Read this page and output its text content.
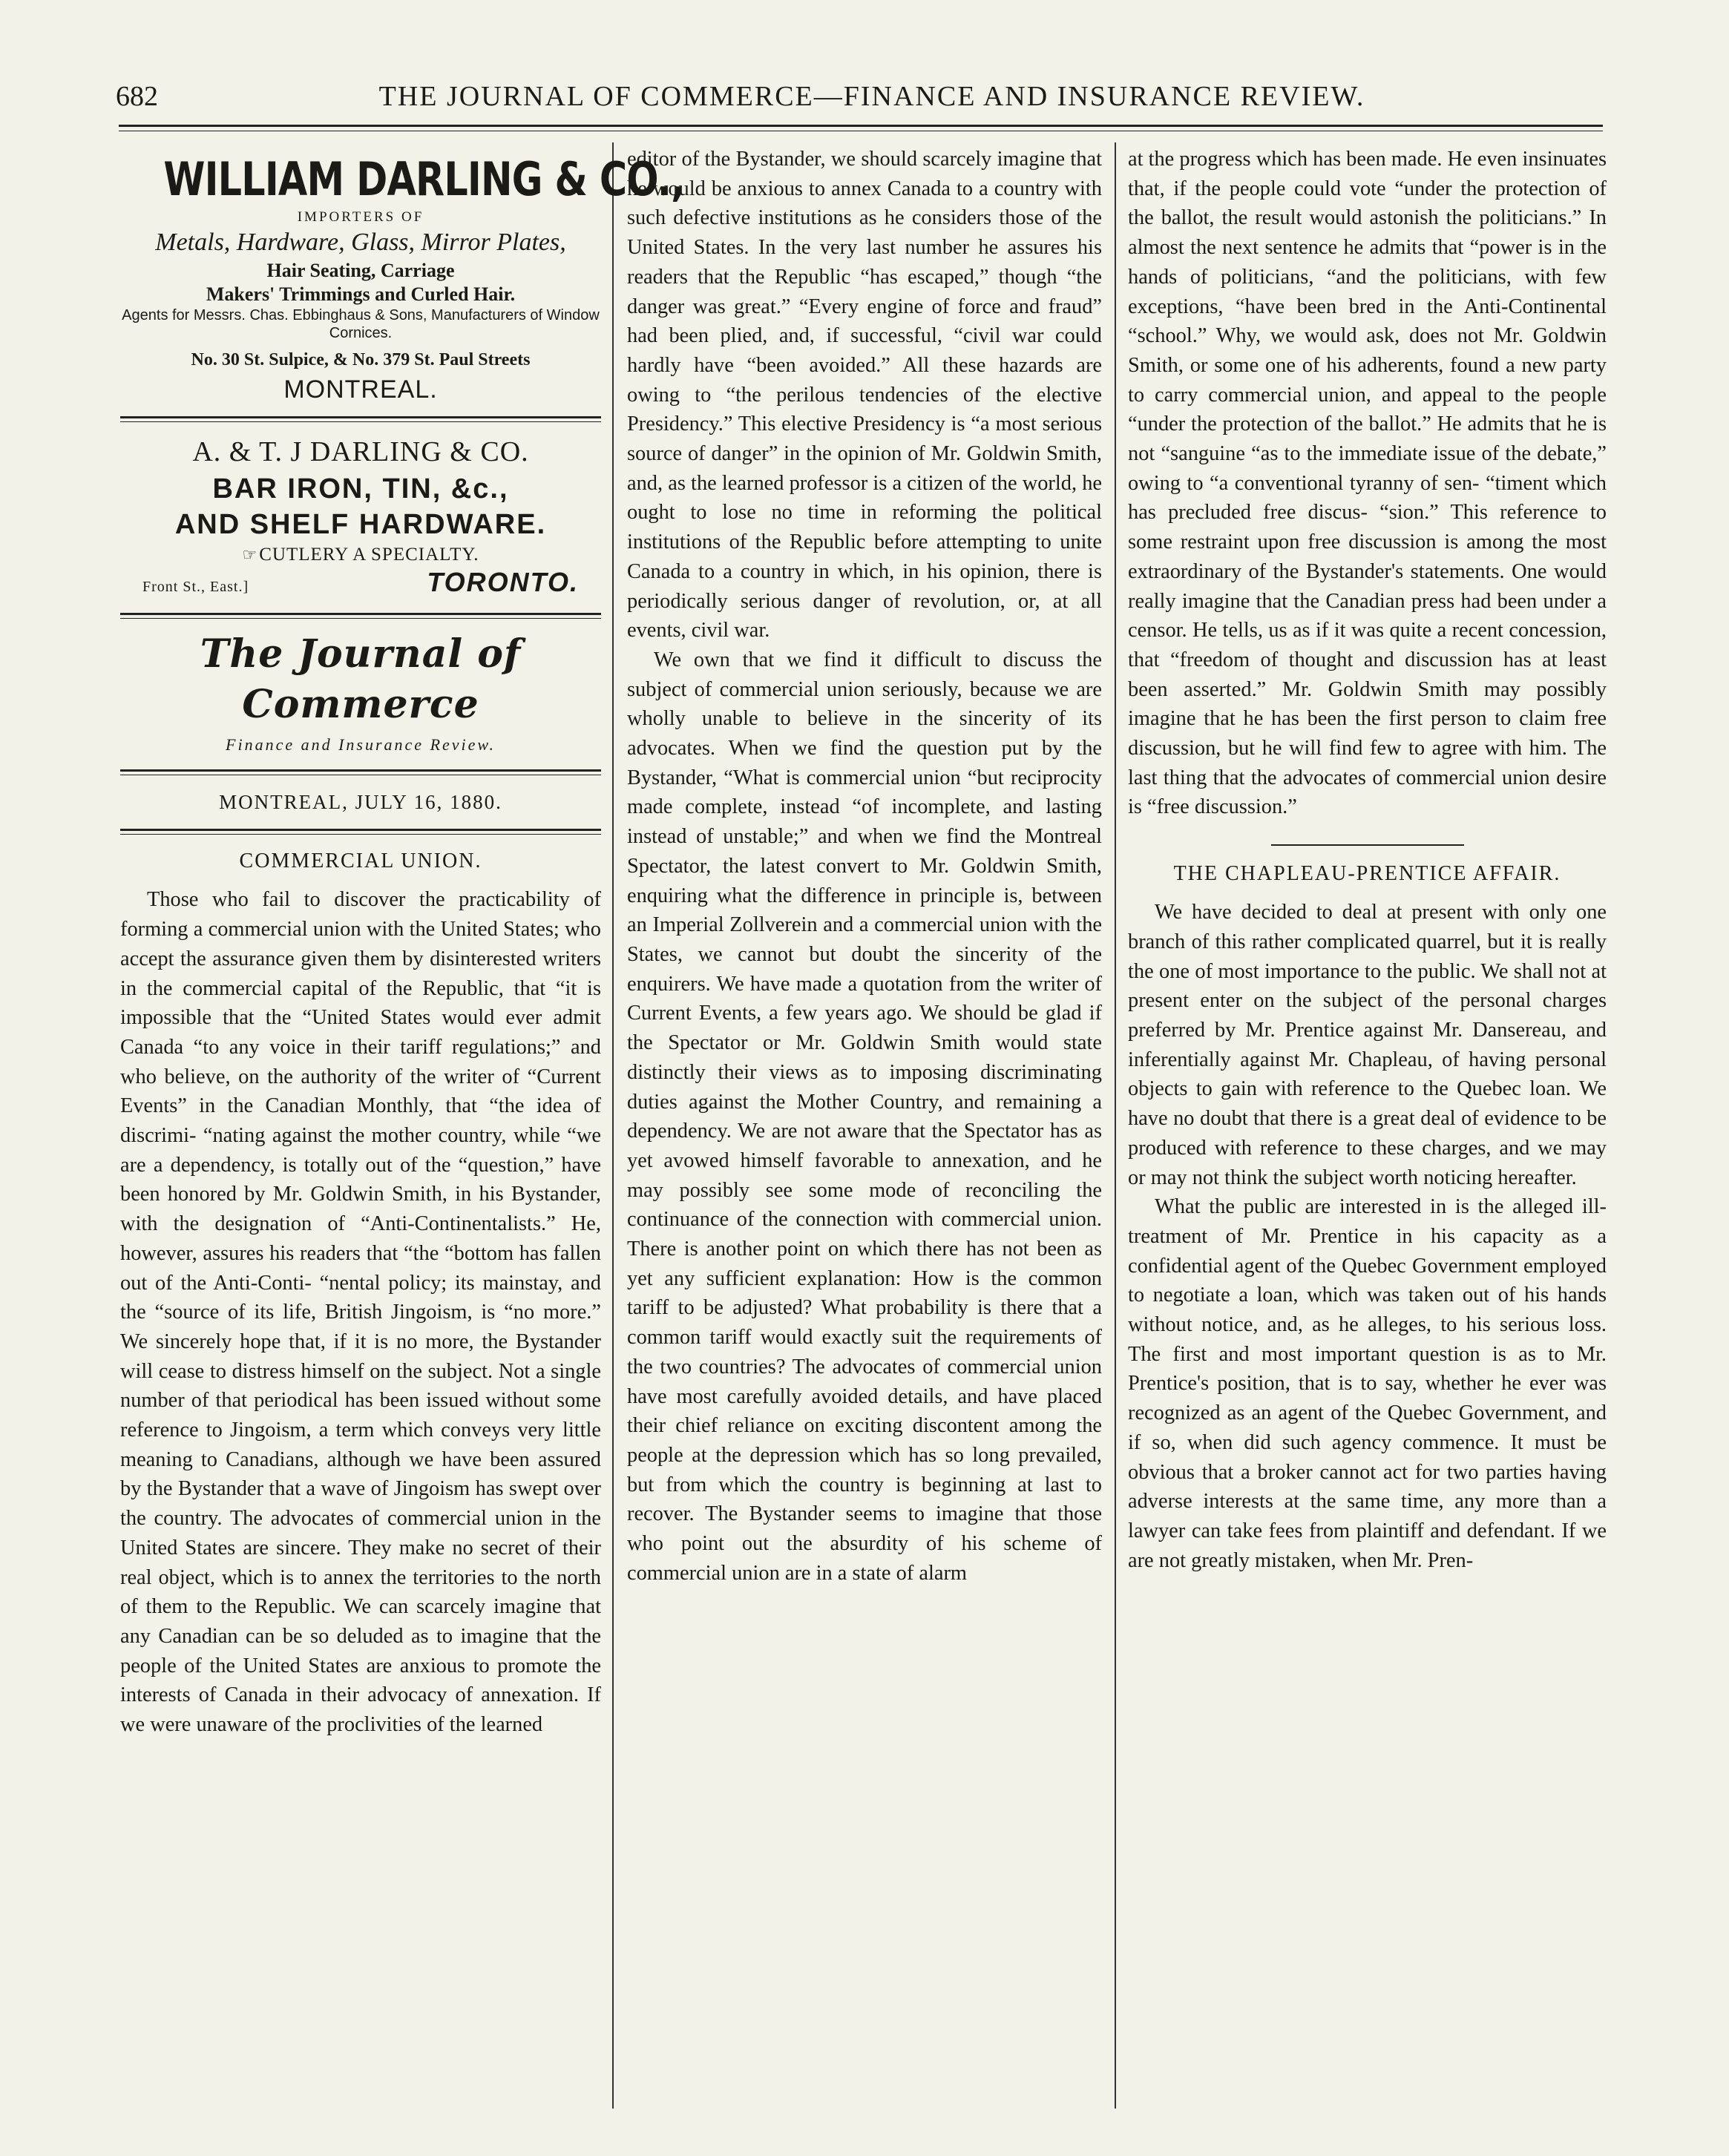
682	THE JOURNAL OF COMMERCE—FINANCE AND INSURANCE REVIEW.
WILLIAM DARLING & CO.,
IMPORTERS OF
Metals, Hardware, Glass, Mirror Plates,
Hair Seating, Carriage
Makers' Trimmings and Curled Hair.
Agents for Messrs. Chas. Ebbinghaus & Sons, Manufacturers of Window Cornices.
No. 30 St. Sulpice, & No. 379 St. Paul Streets
MONTREAL.
A. & T. J DARLING & CO.
BAR IRON, TIN, &c.,
AND SHELF HARDWARE.
☞CUTLERY A SPECIALTY.
Front St., East.]	TORONTO.
The Journal of Commerce
Finance and Insurance Review.
MONTREAL, JULY 16, 1880.
COMMERCIAL UNION.

Those who fail to discover the practicability of forming a commercial union with the United States; who accept the assurance given them by disinterested writers in the commercial capital of the Republic, that “it is impossible that the “United States would ever admit Canada “to any voice in their tariff regulations;” and who believe, on the authority of the writer of “Current Events” in the Canadian Monthly, that “the idea of discrimi- “nating against the mother country, while “we are a dependency, is totally out of the “question,” have been honored by Mr. Goldwin Smith, in his Bystander, with the designation of “Anti-Continentalists.” He, however, assures his readers that “the “bottom has fallen out of the Anti-Conti- “nental policy; its mainstay, and the “source of its life, British Jingoism, is “no more.” We sincerely hope that, if it is no more, the Bystander will cease to distress himself on the subject. Not a single number of that periodical has been issued without some reference to Jingoism, a term which conveys very little meaning to Canadians, although we have been assured by the Bystander that a wave of Jingoism has swept over the country. The advocates of commercial union in the United States are sincere. They make no secret of their real object, which is to annex the territories to the north of them to the Republic. We can scarcely imagine that any Canadian can be so deluded as to imagine that the people of the United States are anxious to promote the interests of Canada in their advocacy of annexation. If we were unaware of the proclivities of the learned

editor of the Bystander, we should scarcely imagine that he would be anxious to annex Canada to a country with such defective institutions as he considers those of the United States. In the very last number he assures his readers that the Republic “has escaped,” though “the danger was great.” “Every engine of force and fraud” had been plied, and, if successful, “civil war could hardly have “been avoided.” All these hazards are owing to “the perilous tendencies of the elective Presidency.” This elective Presidency is “a most serious source of danger” in the opinion of Mr. Goldwin Smith, and, as the learned professor is a citizen of the world, he ought to lose no time in reforming the political institutions of the Republic before attempting to unite Canada to a country in which, in his opinion, there is periodically serious danger of revolution, or, at all events, civil war.

We own that we find it difficult to discuss the subject of commercial union seriously, because we are wholly unable to believe in the sincerity of its advocates. When we find the question put by the Bystander, “What is commercial union “but reciprocity made complete, instead “of incomplete, and lasting instead of unstable;” and when we find the Montreal Spectator, the latest convert to Mr. Goldwin Smith, enquiring what the difference in principle is, between an Imperial Zollverein and a commercial union with the States, we cannot but doubt the sincerity of the enquirers. We have made a quotation from the writer of Current Events, a few years ago. We should be glad if the Spectator or Mr. Goldwin Smith would state distinctly their views as to imposing discriminating duties against the Mother Country, and remaining a dependency. We are not aware that the Spectator has as yet avowed himself favorable to annexation, and he may possibly see some mode of reconciling the continuance of the connection with commercial union. There is another point on which there has not been as yet any sufficient explanation: How is the common tariff to be adjusted? What probability is there that a common tariff would exactly suit the requirements of the two countries? The advocates of commercial union have most carefully avoided details, and have placed their chief reliance on exciting discontent among the people at the depression which has so long prevailed, but from which the country is beginning at last to recover. The Bystander seems to imagine that those who point out the absurdity of his scheme of commercial union are in a state of alarm

at the progress which has been made. He even insinuates that, if the people could vote “under the protection of the ballot, the result would astonish the politicians.” In almost the next sentence he admits that “power is in the hands of politicians, “and the politicians, with few exceptions, “have been bred in the Anti-Continental “school.” Why, we would ask, does not Mr. Goldwin Smith, or some one of his adherents, found a new party to carry commercial union, and appeal to the people “under the protection of the ballot.” He admits that he is not “sanguine “as to the immediate issue of the debate,” owing to “a conventional tyranny of sen- “timent which has precluded free discus- “sion.” This reference to some restraint upon free discussion is among the most extraordinary of the Bystander's statements. One would really imagine that the Canadian press had been under a censor. He tells, us as if it was quite a recent concession, that “freedom of thought and discussion has at least been asserted.” Mr. Goldwin Smith may possibly imagine that he has been the first person to claim free discussion, but he will find few to agree with him. The last thing that the advocates of commercial union desire is “free discussion.”

THE CHAPLEAU-PRENTICE AFFAIR.

We have decided to deal at present with only one branch of this rather complicated quarrel, but it is really the one of most importance to the public. We shall not at present enter on the subject of the personal charges preferred by Mr. Prentice against Mr. Dansereau, and inferentially against Mr. Chapleau, of having personal objects to gain with reference to the Quebec loan. We have no doubt that there is a great deal of evidence to be produced with reference to these charges, and we may or may not think the subject worth noticing hereafter.

What the public are interested in is the alleged ill-treatment of Mr. Prentice in his capacity as a confidential agent of the Quebec Government employed to negotiate a loan, which was taken out of his hands without notice, and, as he alleges, to his serious loss. The first and most important question is as to Mr. Prentice's position, that is to say, whether he ever was recognized as an agent of the Quebec Government, and if so, when did such agency commence. It must be obvious that a broker cannot act for two parties having adverse interests at the same time, any more than a lawyer can take fees from plaintiff and defendant. If we are not greatly mistaken, when Mr. Pren-
